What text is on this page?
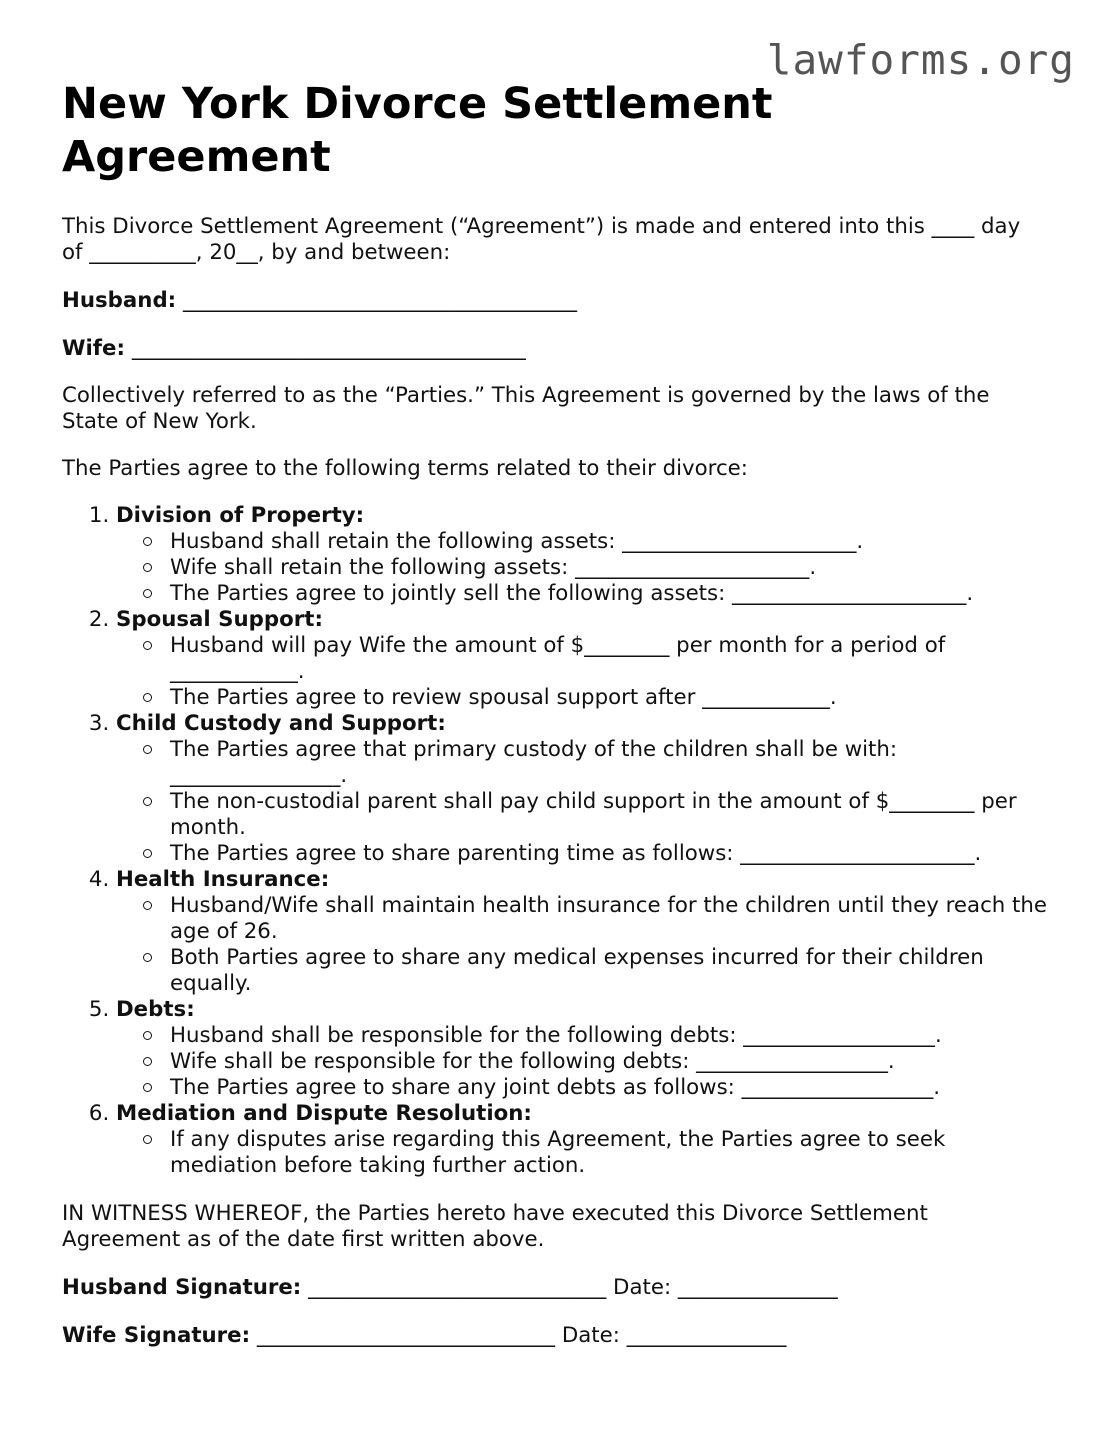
lawforms.org
New York Divorce Settlement Agreement

This Divorce Settlement Agreement (“Agreement”) is made and entered into this ____ day of __________, 20__, by and between:

Husband: _____________________________________

Wife: _____________________________________

Collectively referred to as the “Parties.” This Agreement is governed by the laws of the State of New York.

The Parties agree to the following terms related to their divorce:

1. Division of Property:
Husband shall retain the following assets: ______________________.
Wife shall retain the following assets: ______________________.
The Parties agree to jointly sell the following assets: ______________________.
2. Spousal Support:
Husband will pay Wife the amount of $________ per month for a period of ____________.
The Parties agree to review spousal support after ____________.
3. Child Custody and Support:
The Parties agree that primary custody of the children shall be with: ________________.
The non-custodial parent shall pay child support in the amount of $________ per month.
The Parties agree to share parenting time as follows: ______________________.
4. Health Insurance:
Husband/Wife shall maintain health insurance for the children until they reach the age of 26.
Both Parties agree to share any medical expenses incurred for their children equally.
5. Debts:
Husband shall be responsible for the following debts: __________________.
Wife shall be responsible for the following debts: __________________.
The Parties agree to share any joint debts as follows: __________________.
6. Mediation and Dispute Resolution:
If any disputes arise regarding this Agreement, the Parties agree to seek mediation before taking further action.

IN WITNESS WHEREOF, the Parties hereto have executed this Divorce Settlement Agreement as of the date first written above.

Husband Signature: ____________________________ Date: _______________

Wife Signature: ____________________________ Date: _______________
